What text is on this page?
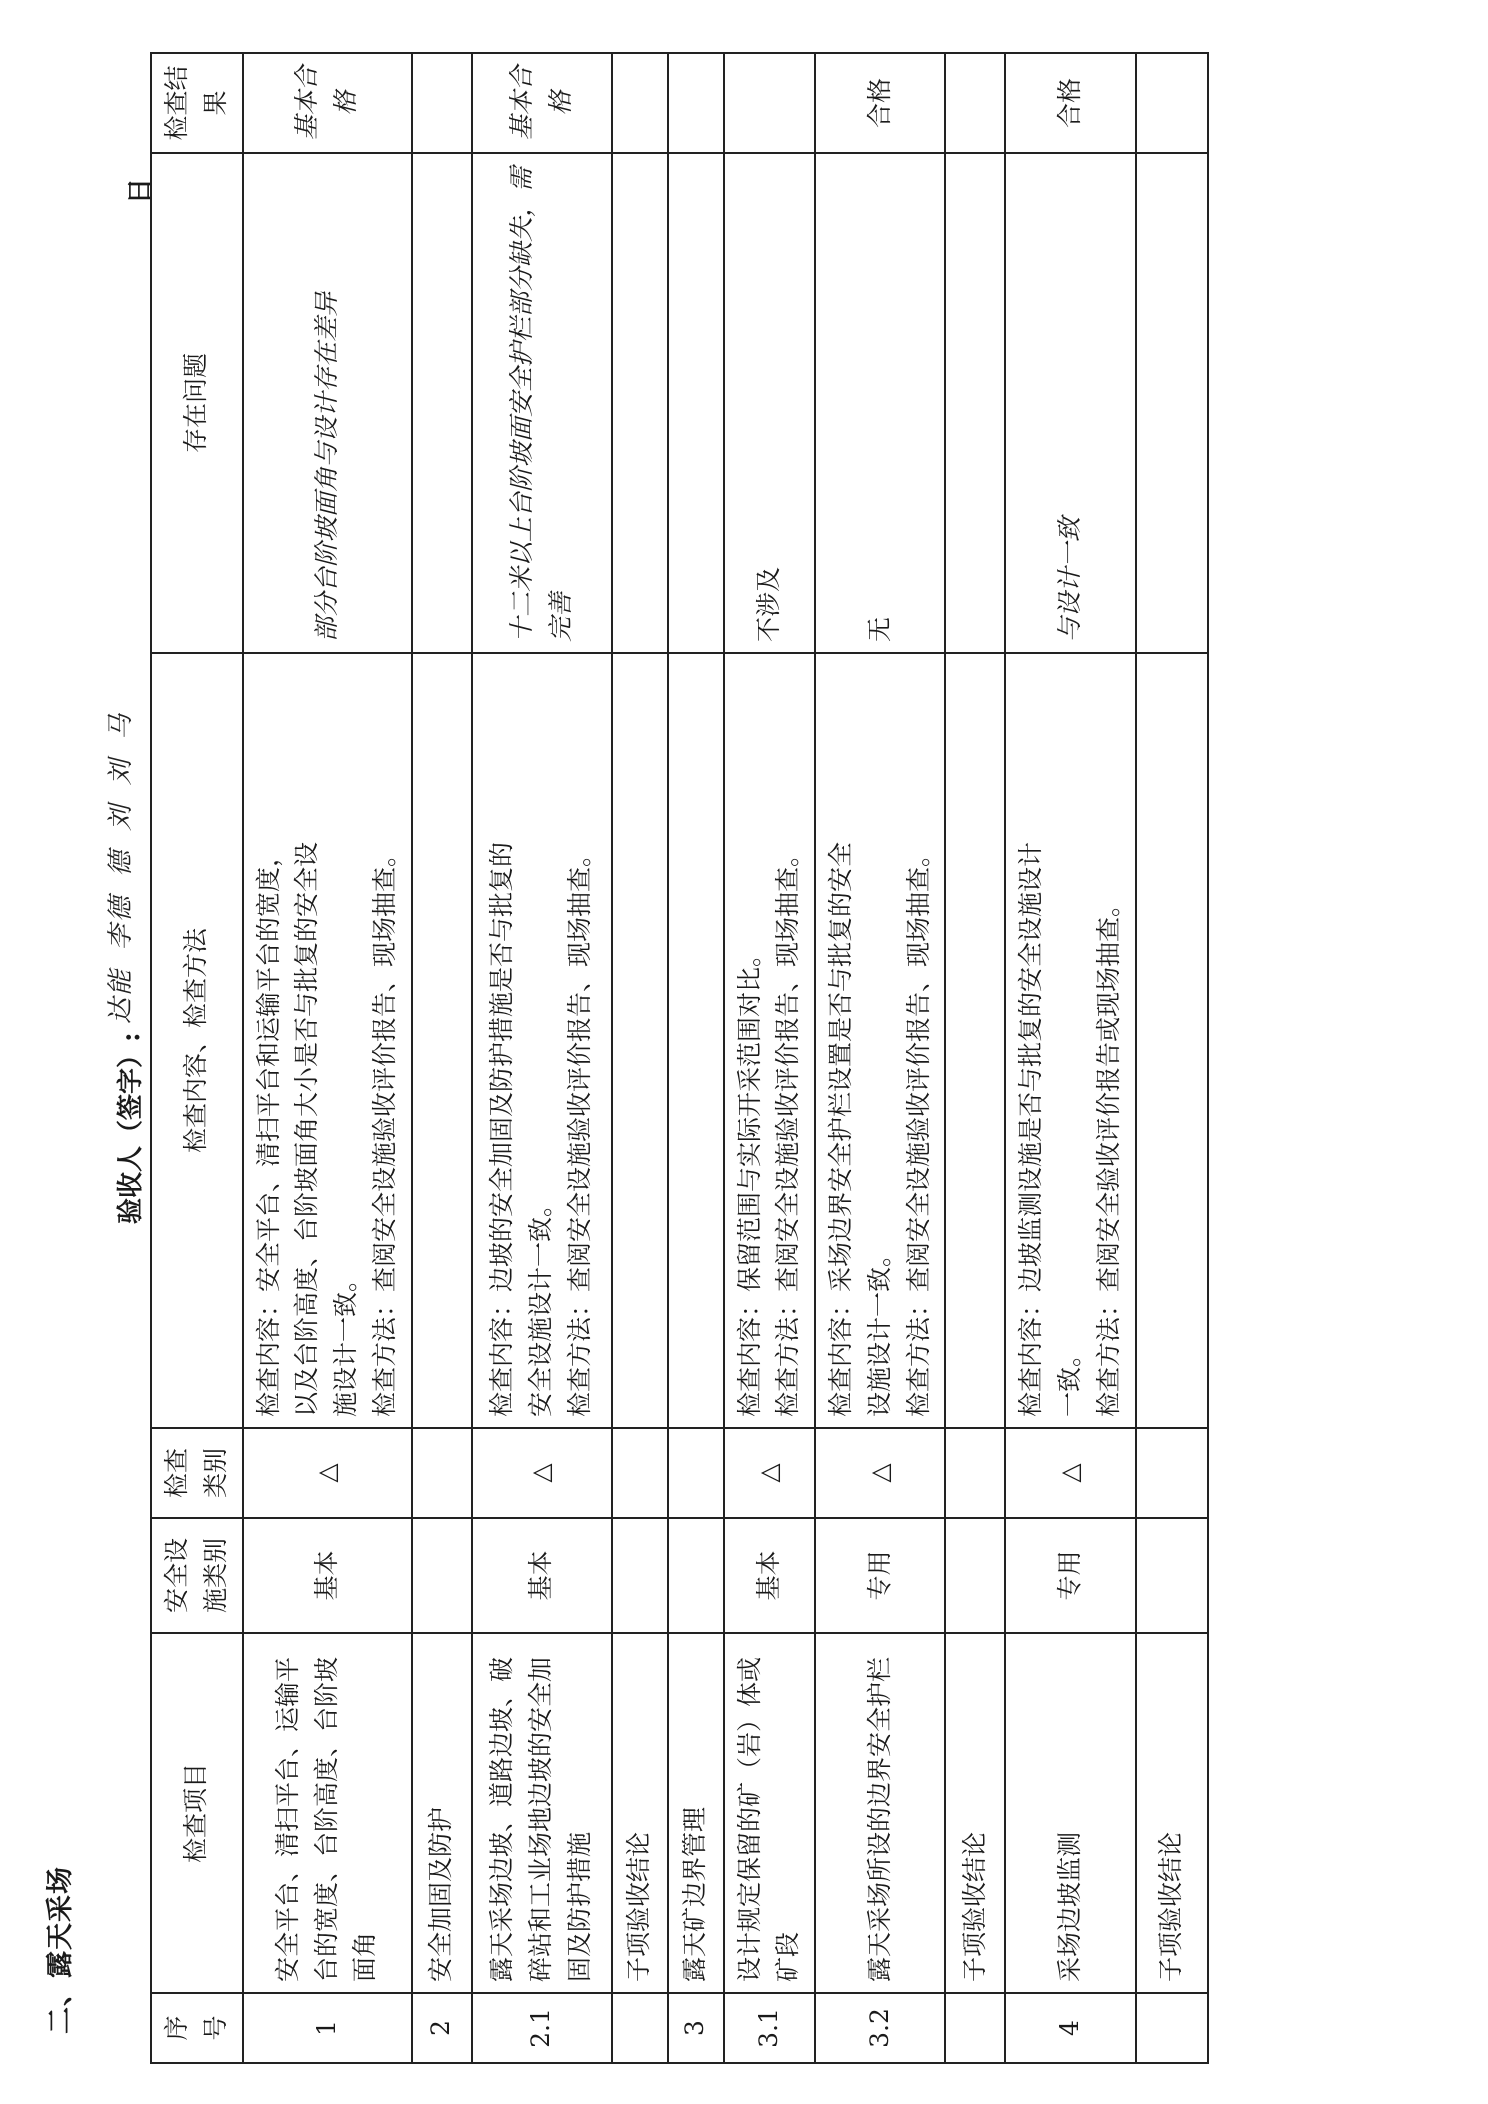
二、露天采场
验收人（签字）:
达能 李德 德 刘 刘 马
日
序号	检查项目	安全设施类别	检查类别	检查内容、检查方法	存在问题	检查结果
1	安全平台、清扫平台、运输平台的宽度、台阶高度、台阶坡面角	基本	△	检查内容：安全平台、清扫平台和运输平台的宽度， 以及台阶高度、台阶坡面角大小是否与批复的安全设 施设计一致。 检查方法：查阅安全设施验收评价报告、现场抽查。	部分台阶坡面角与设计存在差异	基本合格
2	安全加固及防护					
2.1	露天采场边坡、道路边坡、破碎站和工业场地边坡的安全加固及防护措施	基本	△	检查内容：边坡的安全加固及防护措施是否与批复的 安全设施设计一致。 检查方法：查阅安全设施验收评价报告、现场抽查。	十二米以上台阶坡面安全护栏部分缺失，需完善	基本合格
	子项验收结论					
3	露天矿边界管理					
3.1	设计规定保留的矿（岩）体或矿段	基本	△	检查内容：保留范围与实际开采范围对比。 检查方法：查阅安全设施验收评价报告、现场抽查。	不涉及	
3.2	露天采场所设的边界安全护栏	专用	△	检查内容：采场边界安全护栏设置是否与批复的安全 设施设计一致。 检查方法：查阅安全设施验收评价报告、现场抽查。	无	合格
	子项验收结论					
4	采场边坡监测	专用	△	检查内容：边坡监测设施是否与批复的安全设施设计 一致。 检查方法：查阅安全验收评价报告或现场抽查。	与设计一致	合格
	子项验收结论					
